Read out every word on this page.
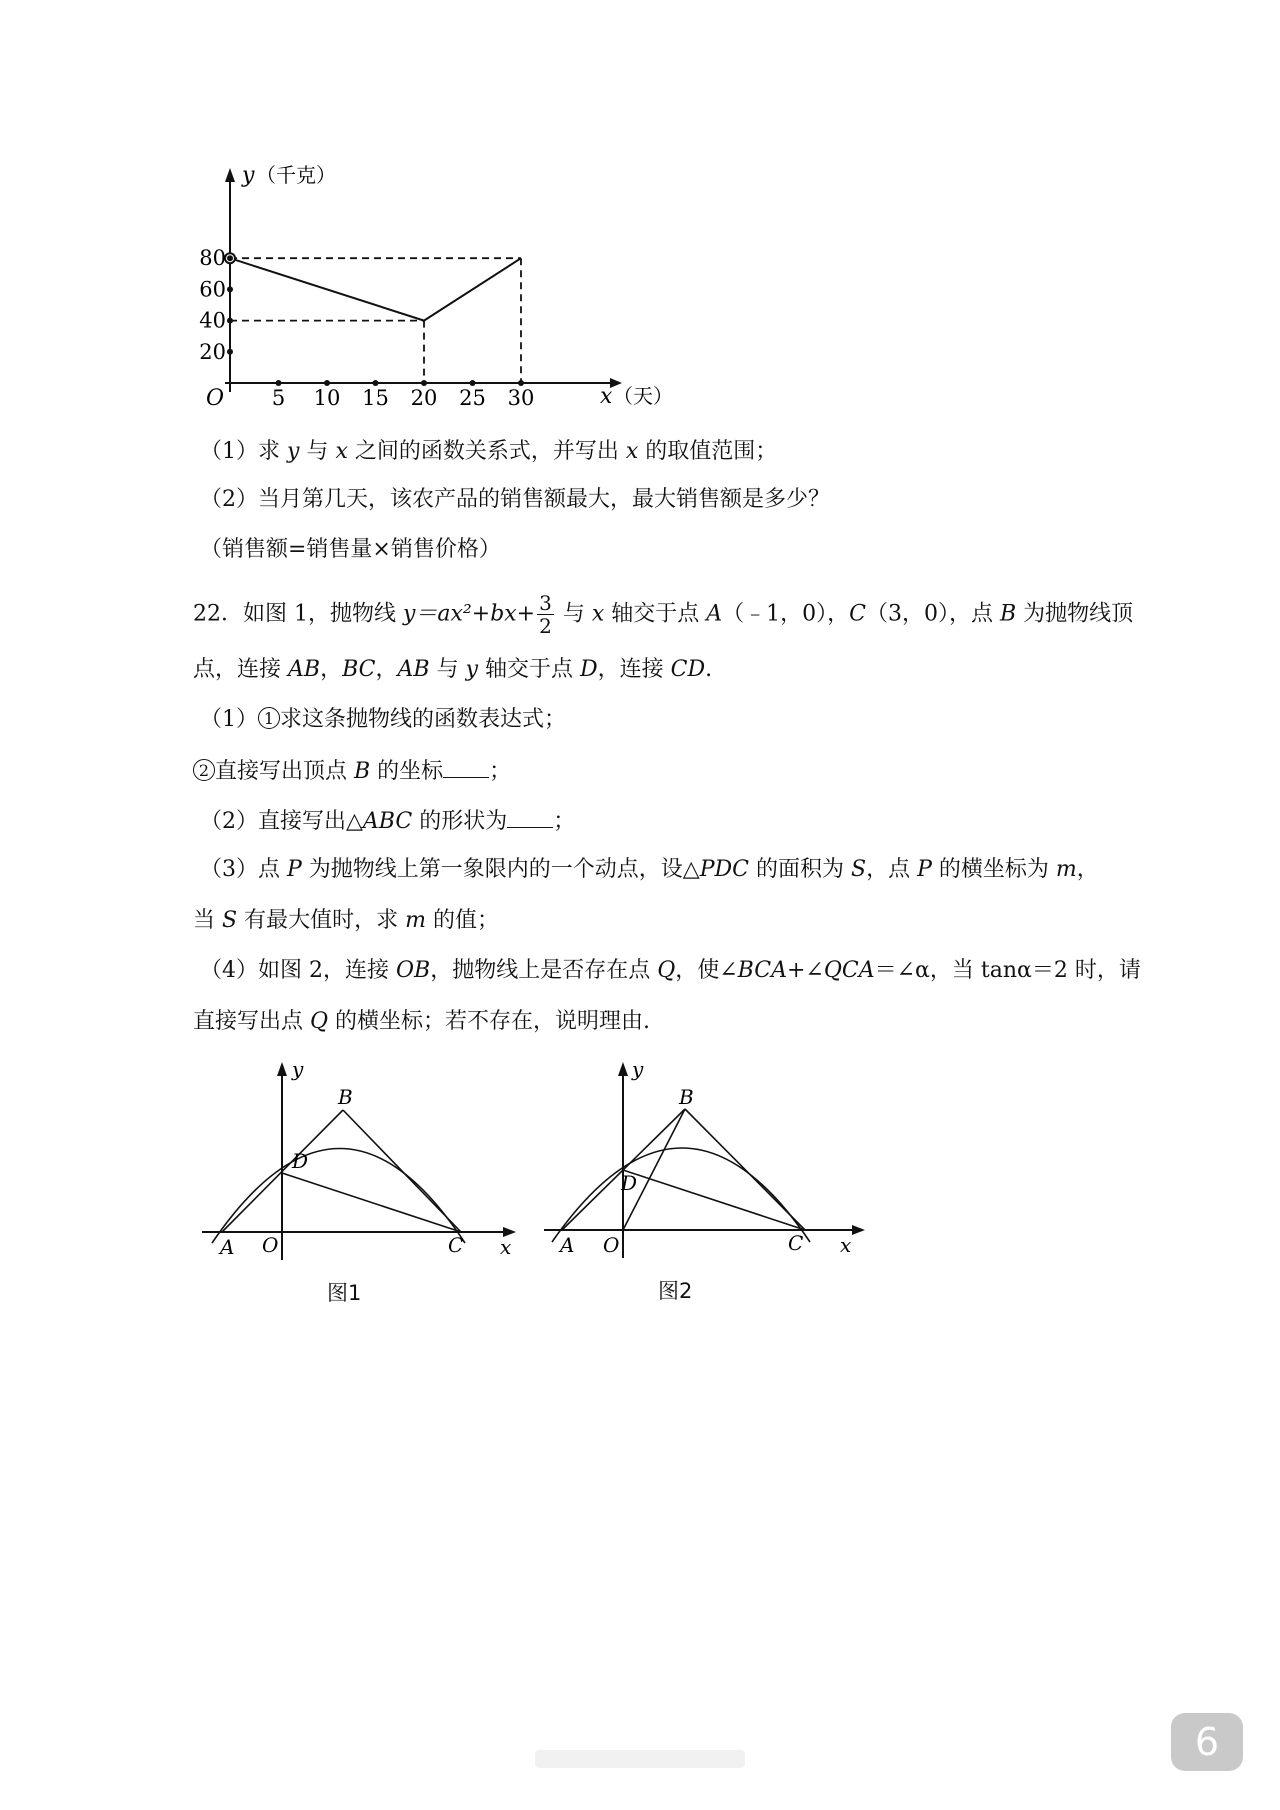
5 10 15 20 25 30
20
40
60
80
O
y （千克）
x （天）
（1）求 y 与 x 之间的函数关系式，并写出 x 的取值范围；
（2）当月第几天，该农产品的销售额最大，最大销售额是多少？
（销售额=销售量×销售价格）
22．如图 1，抛物线 $y=ax^2+bx+ \frac{3}{2}$ 与 x 轴交于点 A（﹣1，0），C（3，0），点 B 为抛物线顶
点，连接 AB，BC，AB 与 y 轴交于点 D，连接 CD.
（1） 1 求这条抛物线的函数表达式；
2 直接写出顶点 B 的坐标 ；
（2）直接写出△ABC 的形状为 ；
（3）点 P 为抛物线上第一象限内的一个动点，设△PDC 的面积为 S，点 P 的横坐标为 m，
当 S 有最大值时，求 m 的值；
（4）如图 2，连接 OB，抛物线上是否存在点 Q，使∠BCA+∠QCA＝∠α，当 tanα＝2 时，请
直接写出点 Q 的横坐标；若不存在，说明理由.
y
B
D
A O	C x
图1
y
B
D
A O	C x
图2
6
